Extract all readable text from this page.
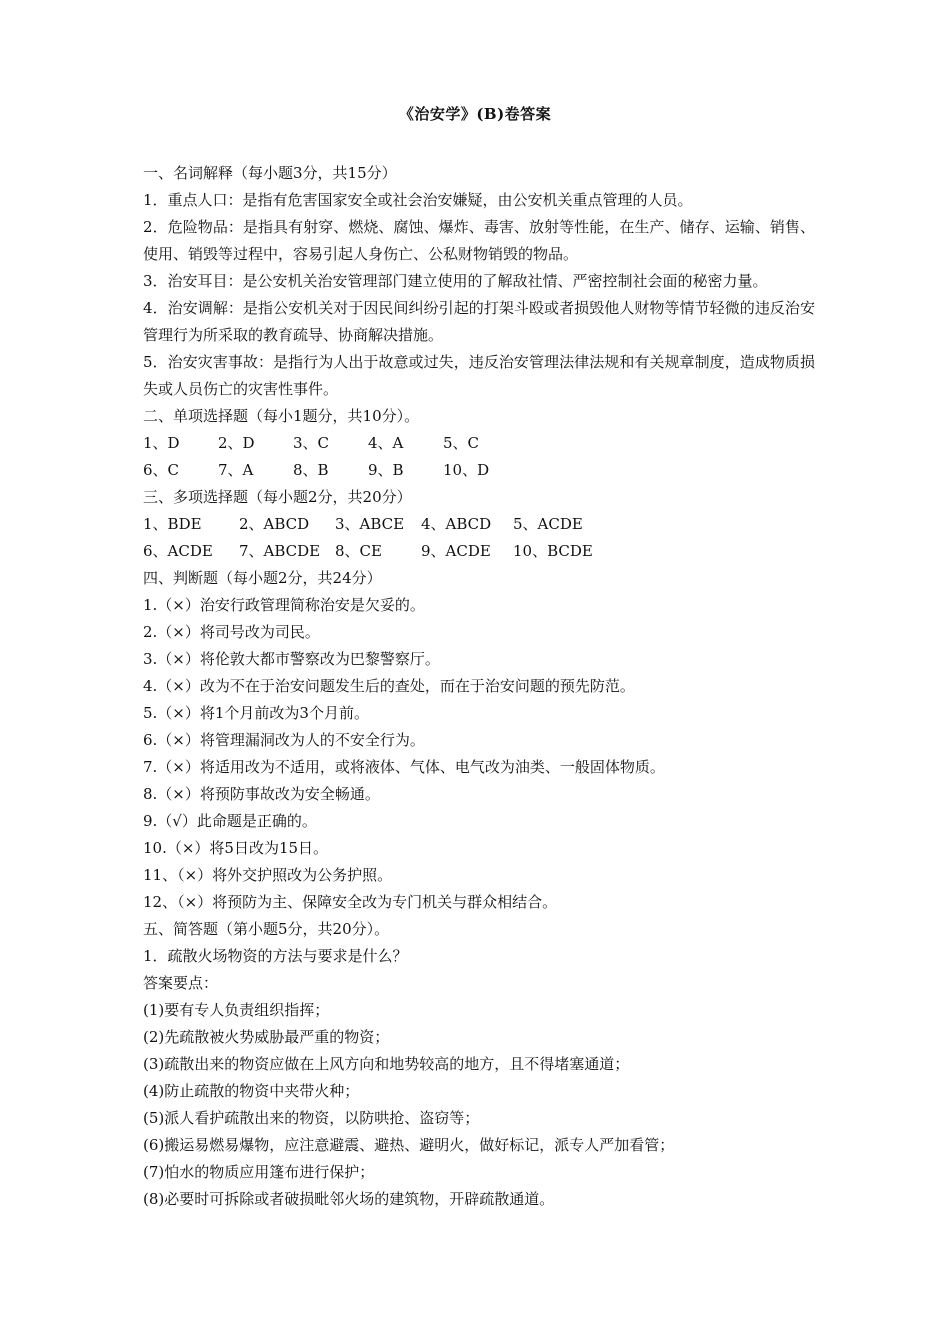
《治安学》(B)卷答案
一、名词解释（每小题3分，共15分）
1．重点人口：是指有危害国家安全或社会治安嫌疑，由公安机关重点管理的人员。
2．危险物品：是指具有射穿、燃烧、腐蚀、爆炸、毒害、放射等性能，在生产、储存、运输、销售、使用、销毁等过程中，容易引起人身伤亡、公私财物销毁的物品。
3．治安耳目：是公安机关治安管理部门建立使用的了解敌社情、严密控制社会面的秘密力量。
4．治安调解：是指公安机关对于因民间纠纷引起的打架斗殴或者损毁他人财物等情节轻微的违反治安管理行为所采取的教育疏导、协商解决措施。
5．治安灾害事故：是指行为人出于故意或过失，违反治安管理法律法规和有关规章制度，造成物质损失或人员伤亡的灾害性事件。
二、单项选择题（每小1题分，共10分）。
1、D	2、D	3、C	4、A	5、C
6、C	7、A	8、B	9、B	10、D
三、多项选择题（每小题2分，共20分）
1、BDE	2、ABCD	3、ABCE	4、ABCD	5、ACDE
6、ACDE	7、ABCDE 8、CE	9、ACDE	10、BCDE
四、判断题（每小题2分，共24分）
1.（×）治安行政管理简称治安是欠妥的。
2.（×）将司号改为司民。
3.（×）将伦敦大都市警察改为巴黎警察厅。
4.（×）改为不在于治安问题发生后的查处，而在于治安问题的预先防范。
5.（×）将1个月前改为3个月前。
6.（×）将管理漏洞改为人的不安全行为。
7.（×）将适用改为不适用，或将液体、气体、电气改为油类、一般固体物质。
8.（×）将预防事故改为安全畅通。
9.（√）此命题是正确的。
10.（×）将5日改为15日。
11、（×）将外交护照改为公务护照。
12、（×）将预防为主、保障安全改为专门机关与群众相结合。
五、简答题（第小题5分，共20分）。
1．疏散火场物资的方法与要求是什么？
答案要点：
(1)要有专人负责组织指挥；
(2)先疏散被火势威胁最严重的物资；
(3)疏散出来的物资应做在上风方向和地势较高的地方，且不得堵塞通道；
(4)防止疏散的物资中夹带火种；
(5)派人看护疏散出来的物资，以防哄抢、盗窃等；
(6)搬运易燃易爆物，应注意避震、避热、避明火，做好标记，派专人严加看管；
(7)怕水的物质应用篷布进行保护；
(8)必要时可拆除或者破损毗邻火场的建筑物，开辟疏散通道。
